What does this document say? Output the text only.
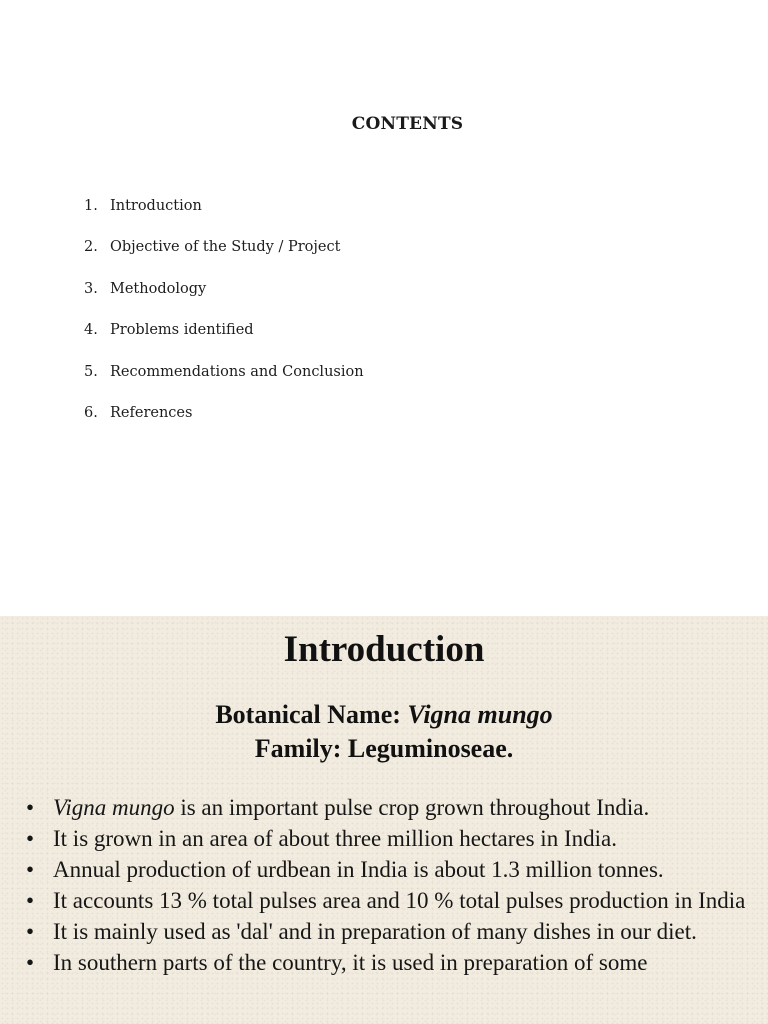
CONTENTS
1. Introduction
2. Objective of the Study / Project
3. Methodology
4. Problems identified
5. Recommendations and Conclusion
6. References
Introduction
Botanical Name: Vigna mungo
Family: Leguminoseae.
• Vigna mungo is an important pulse crop grown throughout India.
• It is grown in an area of about three million hectares in India.
• Annual production of urdbean in India is about 1.3 million tonnes.
• It accounts 13 % total pulses area and 10 % total pulses production in India
• It is mainly used as 'dal' and in preparation of many dishes in our diet.
• In southern parts of the country, it is used in preparation of some
